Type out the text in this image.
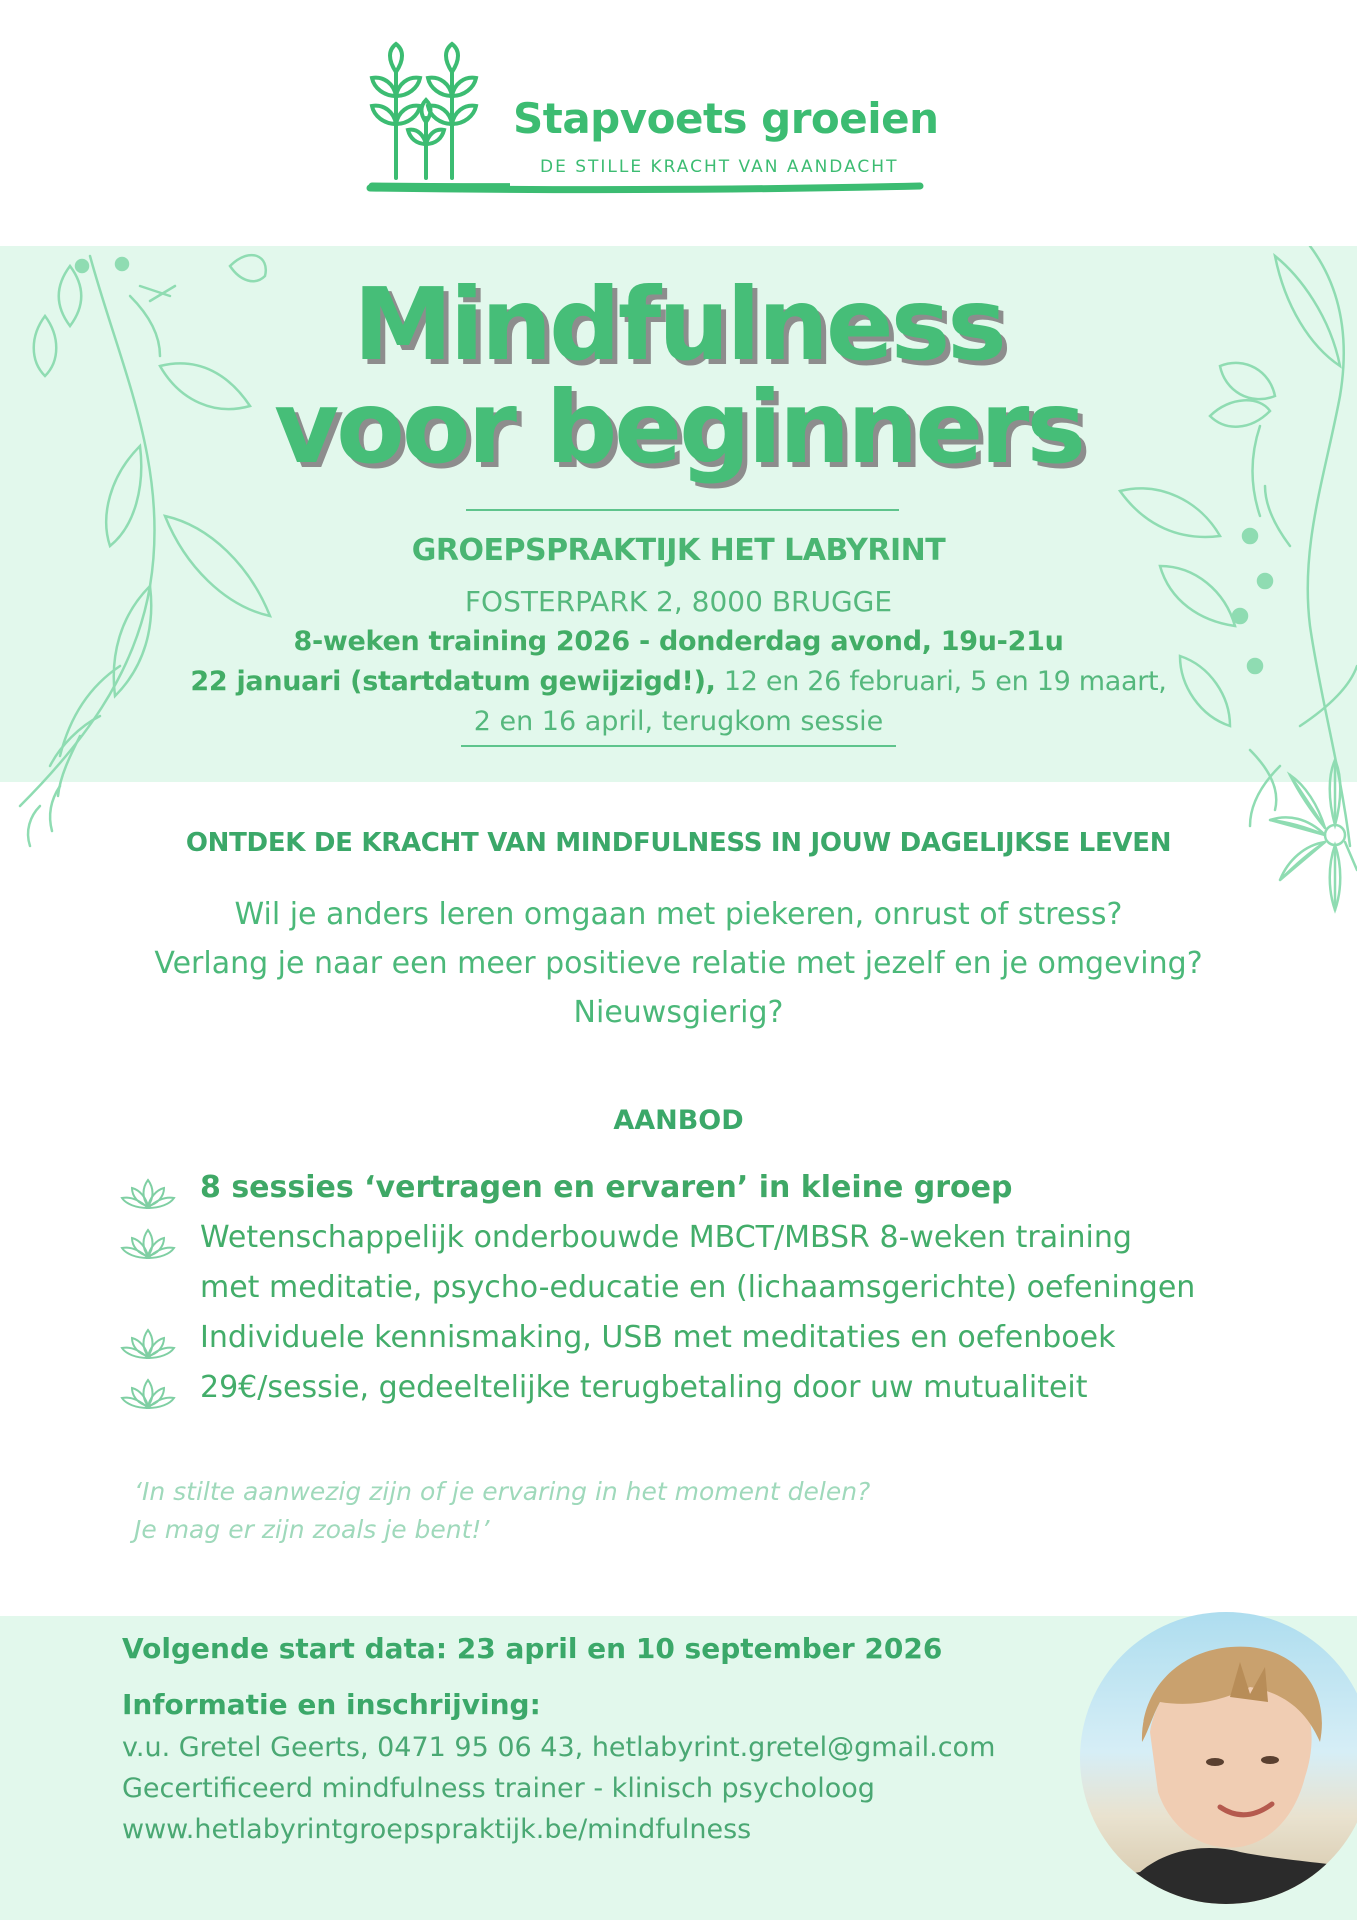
Stapvoets groeien
DE STILLE KRACHT VAN AANDACHT
Mindfulness
voor beginners
GROEPSPRAKTIJK HET LABYRINT
FOSTERPARK 2, 8000 BRUGGE
8-weken training 2026 - donderdag avond, 19u-21u
22 januari (startdatum gewijzigd!), 12 en 26 februari, 5 en 19 maart,
2 en 16 april, terugkom sessie
ONTDEK DE KRACHT VAN MINDFULNESS IN JOUW DAGELIJKSE LEVEN
Wil je anders leren omgaan met piekeren, onrust of stress?
Verlang je naar een meer positieve relatie met jezelf en je omgeving?
Nieuwsgierig?
AANBOD
8 sessies ‘vertragen en ervaren’ in kleine groep
Wetenschappelijk onderbouwde MBCT/MBSR 8-weken training
met meditatie, psycho-educatie en (lichaamsgerichte) oefeningen
Individuele kennismaking, USB met meditaties en oefenboek
29€/sessie, gedeeltelijke terugbetaling door uw mutualiteit
‘In stilte aanwezig zijn of je ervaring in het moment delen?
Je mag er zijn zoals je bent!’
Volgende start data: 23 april en 10 september 2026
Informatie en inschrijving:
v.u. Gretel Geerts, 0471 95 06 43, hetlabyrint.gretel@gmail.com
Gecertificeerd mindfulness trainer - klinisch psycholoog
www.hetlabyrintgroepspraktijk.be/mindfulness
